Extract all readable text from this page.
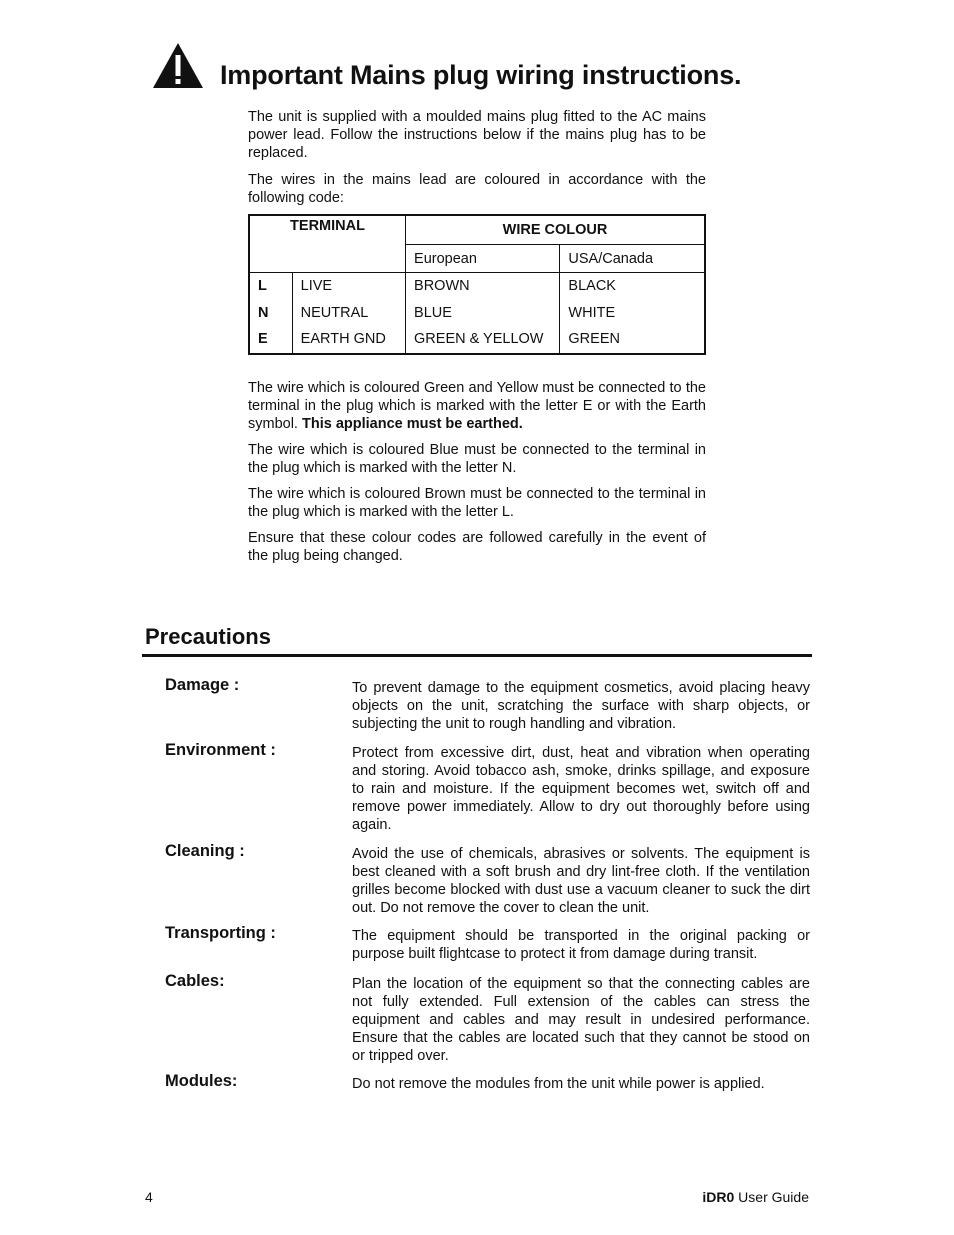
Important Mains plug wiring instructions.

The unit is supplied with a moulded mains plug fitted to the AC mains power lead. Follow the instructions below if the mains plug has to be replaced.

The wires in the mains lead are coloured in accordance with the following code:

TERMINAL		WIRE COLOUR	
		European	USA/Canada
L	LIVE	BROWN	BLACK
N	NEUTRAL	BLUE	WHITE
E	EARTH GND	GREEN & YELLOW	GREEN

The wire which is coloured Green and Yellow must be connected to the terminal in the plug which is marked with the letter E or with the Earth symbol. This appliance must be earthed.

The wire which is coloured Blue must be connected to the terminal in the plug which is marked with the letter N.

The wire which is coloured Brown must be connected to the terminal in the plug which is marked with the letter L.

Ensure that these colour codes are followed carefully in the event of the plug being changed.

Precautions
Damage :	To prevent damage to the equipment cosmetics, avoid placing heavy objects on the unit, scratching the surface with sharp objects, or subjecting the unit to rough handling and vibration.
Environment :	Protect from excessive dirt, dust, heat and vibration when operating and storing. Avoid tobacco ash, smoke, drinks spillage, and exposure to rain and moisture. If the equipment becomes wet, switch off and remove power immediately. Allow to dry out thoroughly before using again.
Cleaning :	Avoid the use of chemicals, abrasives or solvents. The equipment is best cleaned with a soft brush and dry lint-free cloth. If the ventilation grilles become blocked with dust use a vacuum cleaner to suck the dirt out. Do not remove the cover to clean the unit.
Transporting :	The equipment should be transported in the original packing or purpose built flightcase to protect it from damage during transit.
Cables:	Plan the location of the equipment so that the connecting cables are not fully extended. Full extension of the cables can stress the equipment and cables and may result in undesired performance. Ensure that the cables are located such that they cannot be stood on or tripped over.
Modules:	Do not remove the modules from the unit while power is applied.
4	iDR0 User Guide
